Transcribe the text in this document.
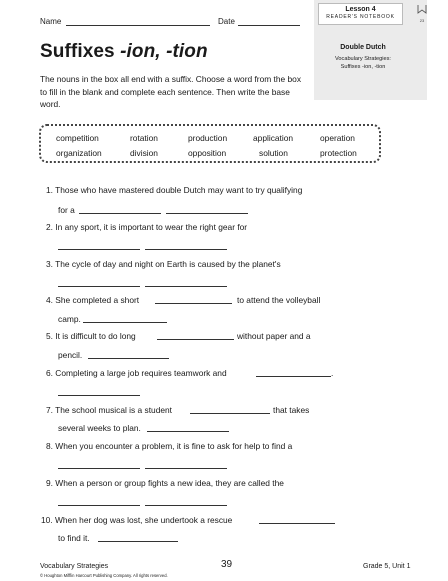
Name	Date
Lesson 4
READER'S NOTEBOOK
23
Double Dutch
Vocabulary Strategies:
Suffixes -ion, -tion
Suffixes -ion, -tion
The nouns in the box all end with a suffix. Choose a word from the box to fill in the blank and complete each sentence. Then write the base word.
competition	rotation	production	application	operation
organization	division	opposition	solution	protection
1. Those who have mastered double Dutch may want to try qualifying
for a
2. In any sport, it is important to wear the right gear for
3. The cycle of day and night on Earth is caused by the planet's
4. She completed a short	to attend the volleyball
camp.
5. It is difficult to do long	without paper and a
pencil.
6. Completing a large job requires teamwork and	.
7. The school musical is a student	that takes
several weeks to plan.
8. When you encounter a problem, it is fine to ask for help to find a
9. When a person or group fights a new idea, they are called the
10. When her dog was lost, she undertook a rescue
to find it.
Vocabulary Strategies	39	Grade 5, Unit 1
© Houghton Mifflin Harcourt Publishing Company. All rights reserved.
